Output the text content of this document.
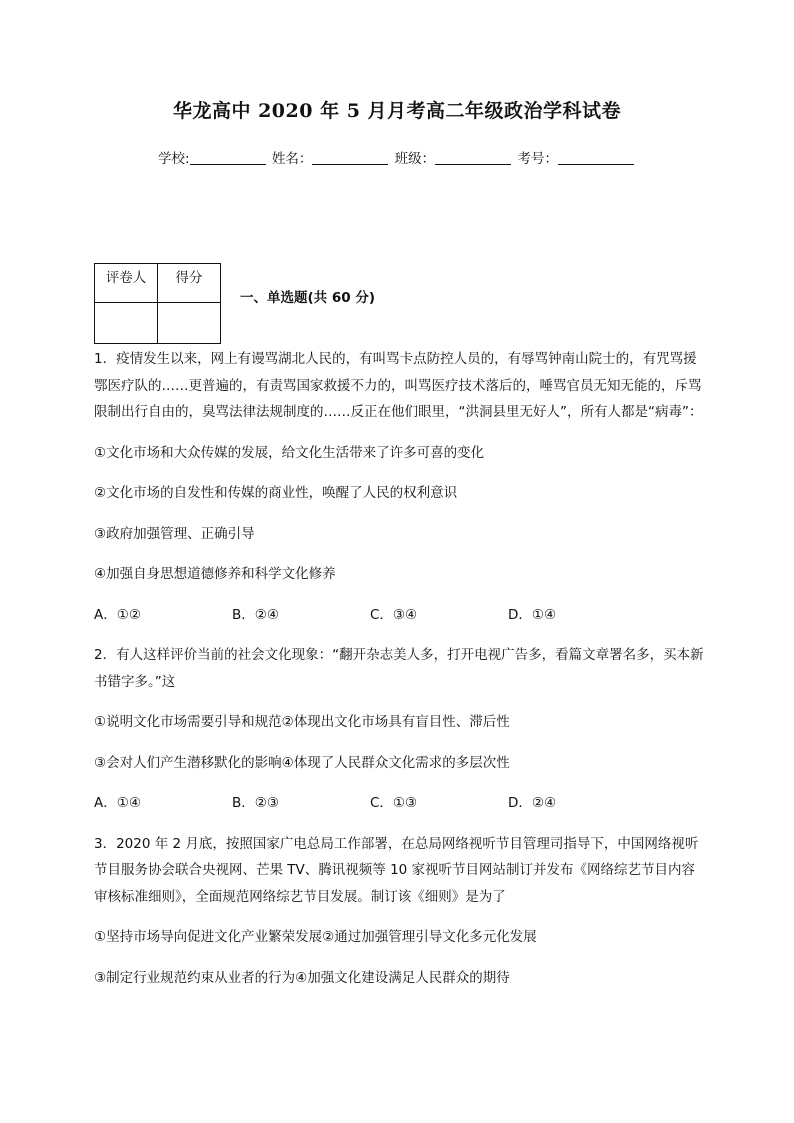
华龙高中 2020 年 5 月月考高二年级政治学科试卷
学校:	姓名：	班级：	考号：
评卷人	得分

一、单选题(共 60 分)
1．疫情发生以来，网上有谩骂湖北人民的，有叫骂卡点防控人员的，有辱骂钟南山院士的，有咒骂援鄂医疗队的……更普遍的，有责骂国家救援不力的，叫骂医疗技术落后的，唾骂官员无知无能的，斥骂限制出行自由的，臭骂法律法规制度的……反正在他们眼里，“洪洞县里无好人”，所有人都是“病毒”：
①文化市场和大众传媒的发展，给文化生活带来了许多可喜的变化
②文化市场的自发性和传媒的商业性，唤醒了人民的权利意识
③政府加强管理、正确引导
④加强自身思想道德修养和科学文化修养
A．①②	B．②④	C．③④	D．①④
2．有人这样评价当前的社会文化现象：“翻开杂志美人多，打开电视广告多，看篇文章署名多，买本新书错字多。”这
①说明文化市场需要引导和规范②体现出文化市场具有盲目性、滞后性
③会对人们产生潜移默化的影响④体现了人民群众文化需求的多层次性
A．①④	B．②③	C．①③	D．②④
3．2020 年 2 月底，按照国家广电总局工作部署，在总局网络视听节目管理司指导下，中国网络视听节目服务协会联合央视网、芒果 TV、腾讯视频等 10 家视听节目网站制订并发布《网络综艺节目内容审核标准细则》，全面规范网络综艺节目发展。制订该《细则》是为了
①坚持市场导向促进文化产业繁荣发展②通过加强管理引导文化多元化发展
③制定行业规范约束从业者的行为④加强文化建设满足人民群众的期待
